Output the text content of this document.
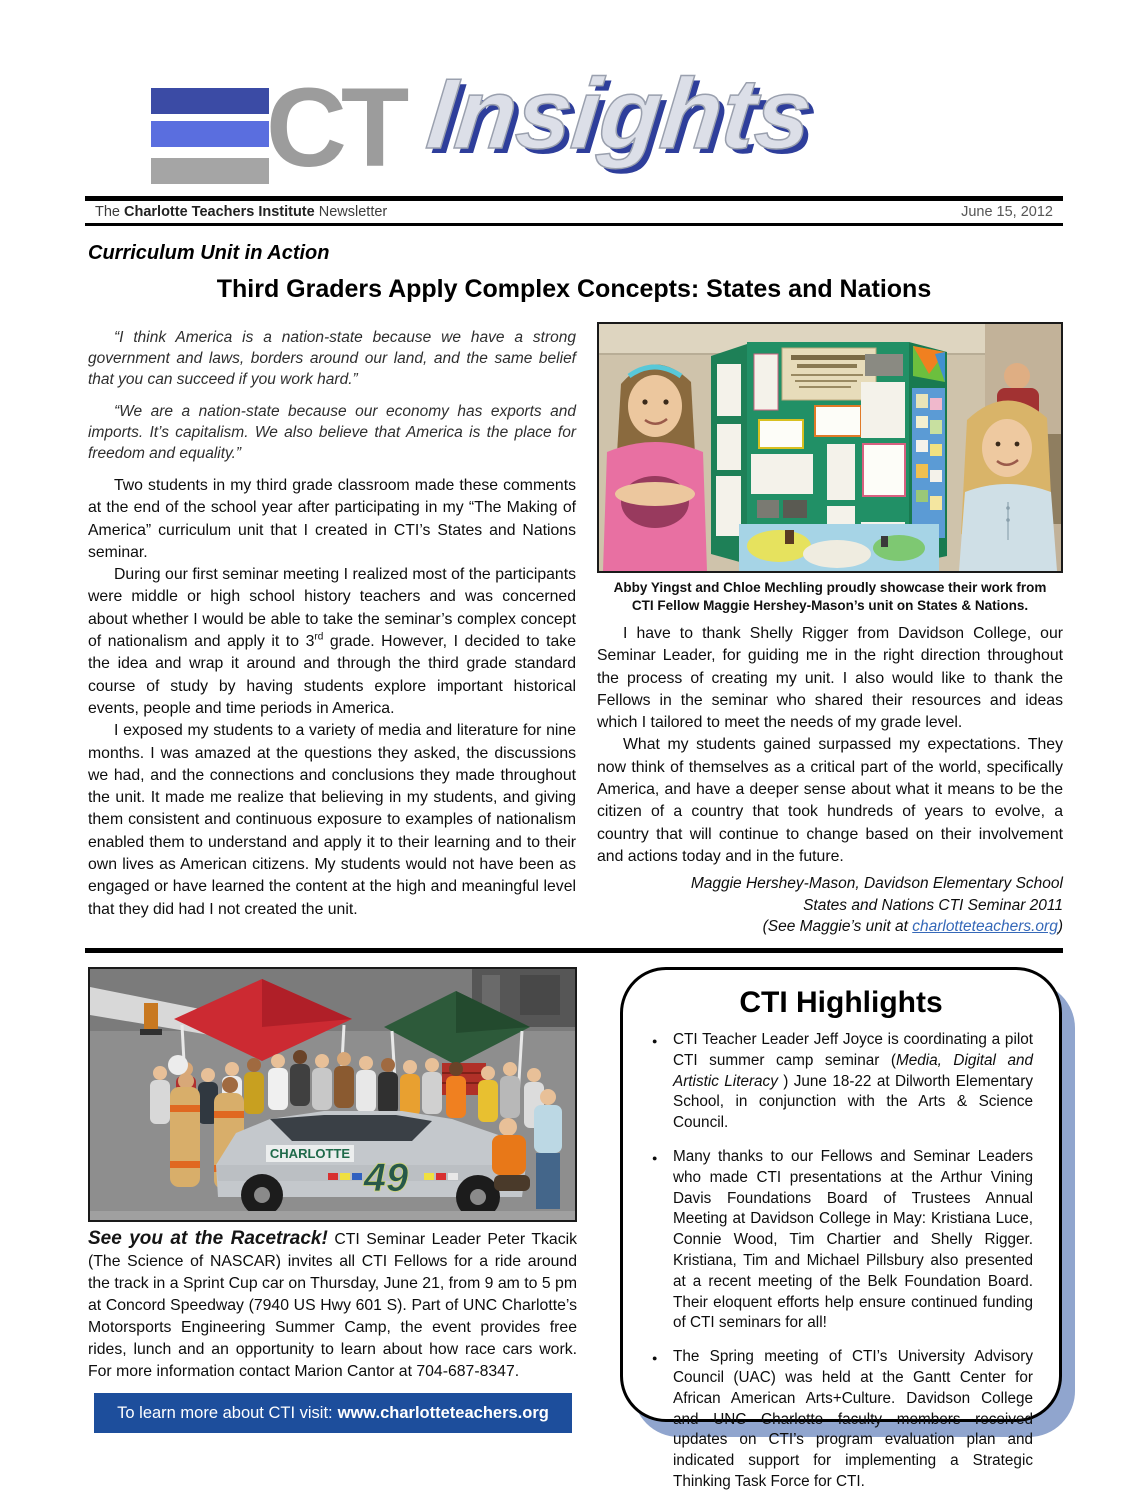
CT Insights
The Charlotte Teachers Institute Newsletter	June 15, 2012
Curriculum Unit in Action
Third Graders Apply Complex Concepts: States and Nations

“I think America is a nation-state because we have a strong government and laws, borders around our land, and the same belief that you can succeed if you work hard.”

“We are a nation-state because our economy has exports and imports. It’s capitalism. We also believe that America is the place for freedom and equality.”

Two students in my third grade classroom made these comments at the end of the school year after participating in my “The Making of America” curriculum unit that I created in CTI’s States and Nations seminar.

During our first seminar meeting I realized most of the participants were middle or high school history teachers and was concerned about whether I would be able to take the seminar’s complex concept of nationalism and apply it to 3rd grade. However, I decided to take the idea and wrap it around and through the third grade standard course of study by having students explore important historical events, people and time periods in America.

I exposed my students to a variety of media and literature for nine months. I was amazed at the questions they asked, the discussions we had, and the connections and conclusions they made throughout the unit. It made me realize that believing in my students, and giving them consistent and continuous exposure to examples of nationalism enabled them to understand and apply it to their learning and to their own lives as American citizens. My students would not have been as engaged or have learned the content at the high and meaningful level that they did had I not created the unit.

Abby Yingst and Chloe Mechling proudly showcase their work from
CTI Fellow Maggie Hershey-Mason’s unit on States & Nations.

I have to thank Shelly Rigger from Davidson College, our Seminar Leader, for guiding me in the right direction throughout the process of creating my unit. I also would like to thank the Fellows in the seminar who shared their resources and ideas which I tailored to meet the needs of my grade level.

What my students gained surpassed my expectations. They now think of themselves as a critical part of the world, specifically America, and have a deeper sense about what it means to be the citizen of a country that took hundreds of years to evolve, a country that will continue to change based on their involvement and actions today and in the future.

Maggie Hershey-Mason, Davidson Elementary School
States and Nations CTI Seminar 2011
(See Maggie’s unit at charlotteteachers.org)
CHARLOTTE
49

See you at the Racetrack! CTI Seminar Leader Peter Tkacik (The Science of NASCAR) invites all CTI Fellows for a ride around the track in a Sprint Cup car on Thursday, June 21, from 9 am to 5 pm at Concord Speedway (7940 US Hwy 601 S). Part of UNC Charlotte’s Motorsports Engineering Summer Camp, the event provides free rides, lunch and an opportunity to learn about how race cars work. For more information contact Marion Cantor at 704-687-8347.

To learn more about CTI visit: www.charlotteteachers.org
CTI Highlights
● CTI Teacher Leader Jeff Joyce is coordinating a pilot CTI summer camp seminar (Media, Digital and Artistic Literacy ) June 18-22 at Dilworth Elementary School, in conjunction with the Arts & Science Council.
● Many thanks to our Fellows and Seminar Leaders who made CTI presentations at the Arthur Vining Davis Foundations Board of Trustees Annual Meeting at Davidson College in May: Kristiana Luce, Connie Wood, Tim Chartier and Shelly Rigger. Kristiana, Tim and Michael Pillsbury also presented at a recent meeting of the Belk Foundation Board. Their eloquent efforts help ensure continued funding of CTI seminars for all!
● The Spring meeting of CTI’s University Advisory Council (UAC) was held at the Gantt Center for African American Arts+Culture. Davidson College and UNC Charlotte faculty members received updates on CTI’s program evaluation plan and indicated support for implementing a Strategic Thinking Task Force for CTI.
